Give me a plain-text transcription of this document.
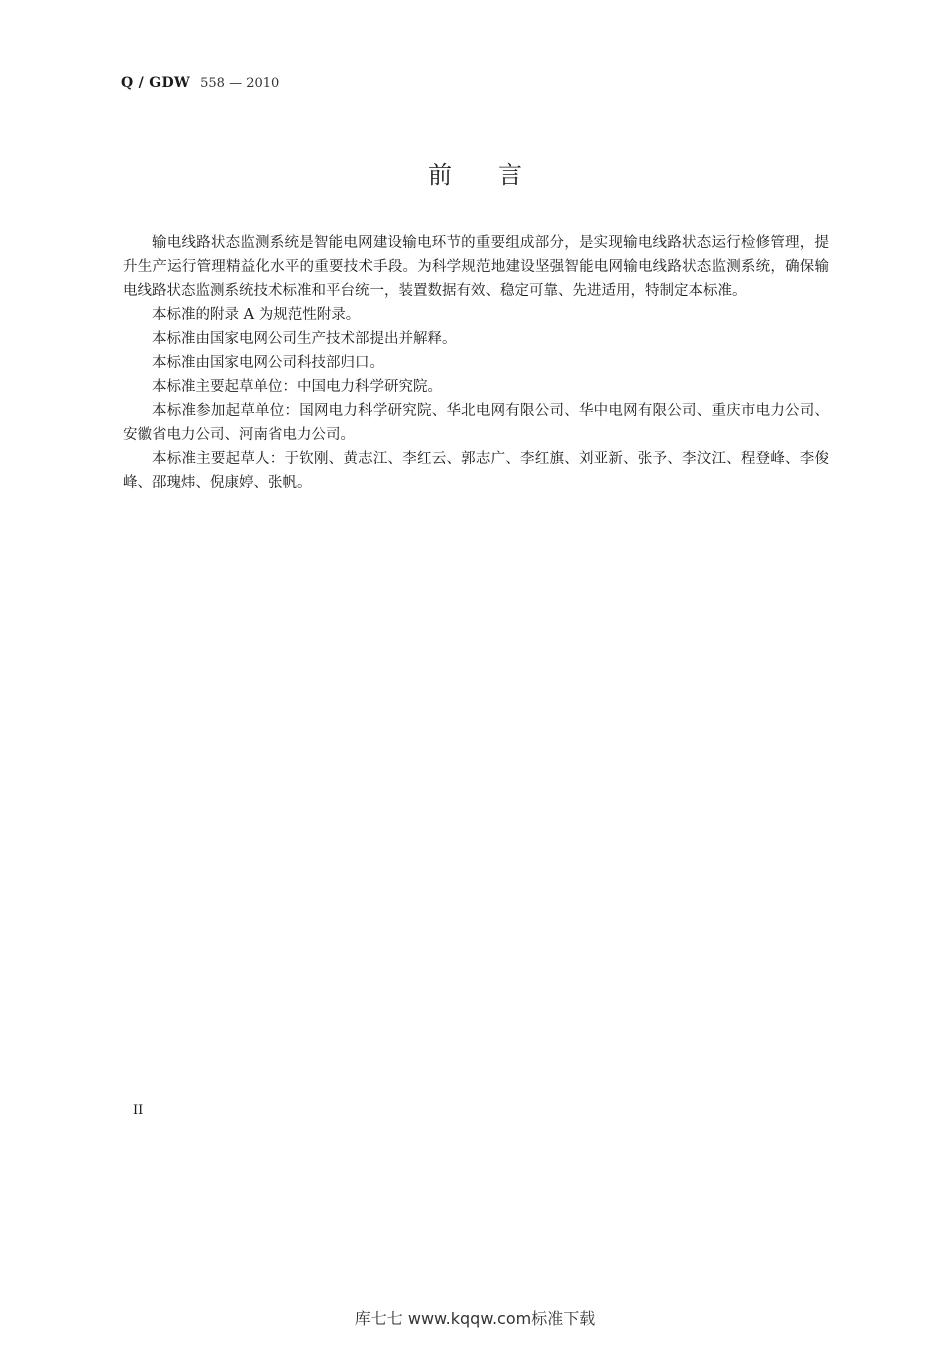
Q / GDW 558 — 2010
前言

输电线路状态监测系统是智能电网建设输电环节的重要组成部分，是实现输电线路状态运行检修管理，提升生产运行管理精益化水平的重要技术手段。为科学规范地建设坚强智能电网输电线路状态监测系统，确保输电线路状态监测系统技术标准和平台统一，装置数据有效、稳定可靠、先进适用，特制定本标准。

本标准的附录 A 为规范性附录。

本标准由国家电网公司生产技术部提出并解释。

本标准由国家电网公司科技部归口。

本标准主要起草单位：中国电力科学研究院。

本标准参加起草单位：国网电力科学研究院、华北电网有限公司、华中电网有限公司、重庆市电力公司、安徽省电力公司、河南省电力公司。

本标准主要起草人：于钦刚、黄志江、李红云、郭志广、李红旗、刘亚新、张予、李汶江、程登峰、李俊峰、邵瑰炜、倪康婷、张帆。

II
库七七 www.kqqw.com标准下载
